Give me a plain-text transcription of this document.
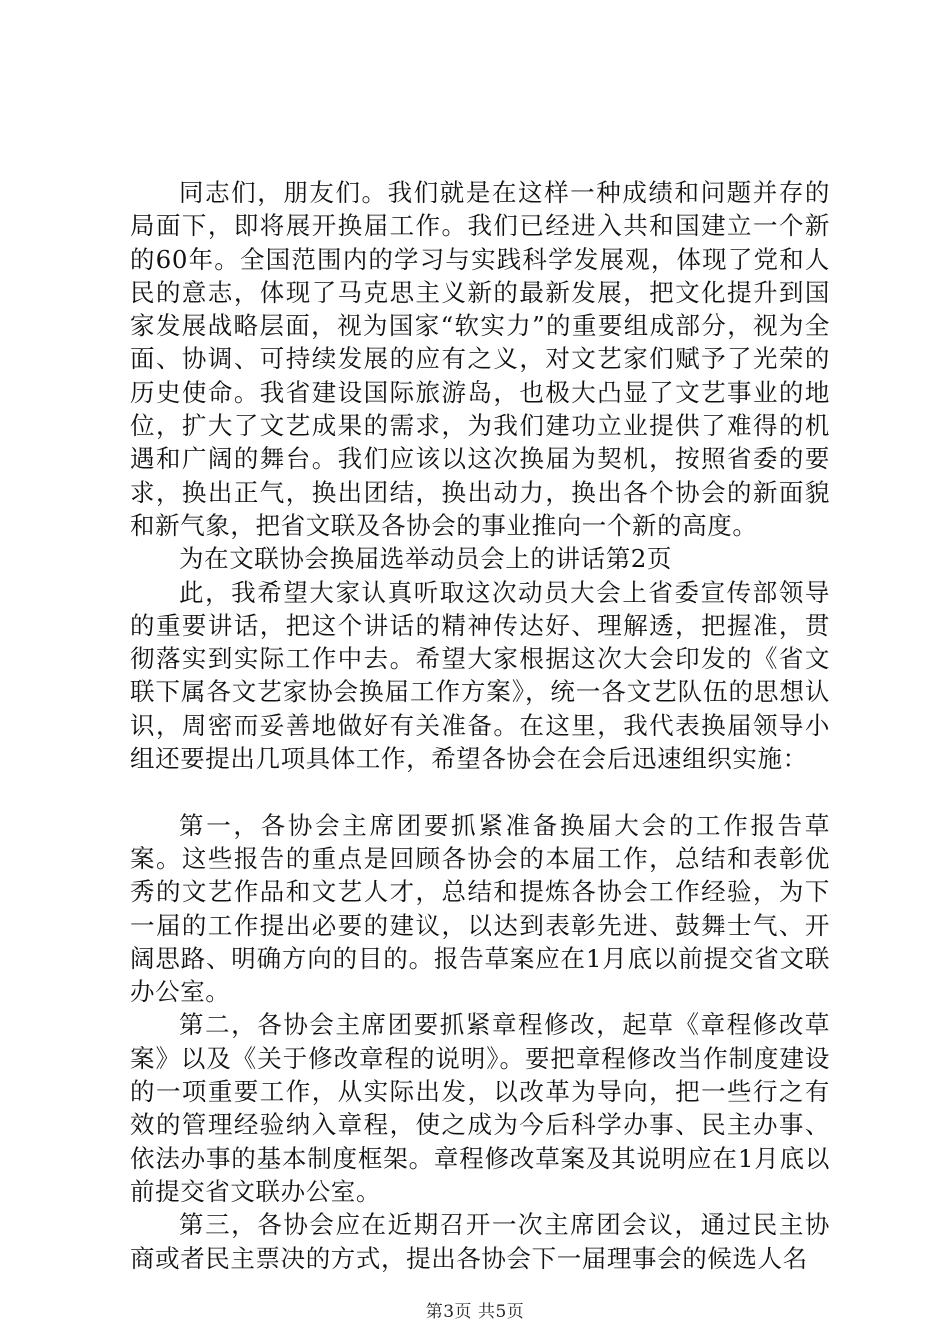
同志们，朋友们。我们就是在这样一种成绩和问题并存的局面下，即将展开换届工作。我们已经进入共和国建立一个新的60年。全国范围内的学习与实践科学发展观，体现了党和人民的意志，体现了马克思主义新的最新发展，把文化提升到国家发展战略层面，视为国家“软实力”的重要组成部分，视为全面、协调、可持续发展的应有之义，对文艺家们赋予了光荣的历史使命。我省建设国际旅游岛，也极大凸显了文艺事业的地位，扩大了文艺成果的需求，为我们建功立业提供了难得的机遇和广阔的舞台。我们应该以这次换届为契机，按照省委的要求，换出正气，换出团结，换出动力，换出各个协会的新面貌和新气象，把省文联及各协会的事业推向一个新的高度。

为在文联协会换届选举动员会上的讲话第2页

此，我希望大家认真听取这次动员大会上省委宣传部领导的重要讲话，把这个讲话的精神传达好、理解透，把握准，贯彻落实到实际工作中去。希望大家根据这次大会印发的《省文联下属各文艺家协会换届工作方案》，统一各文艺队伍的思想认识，周密而妥善地做好有关准备。在这里，我代表换届领导小组还要提出几项具体工作，希望各协会在会后迅速组织实施：

第一，各协会主席团要抓紧准备换届大会的工作报告草案。这些报告的重点是回顾各协会的本届工作，总结和表彰优秀的文艺作品和文艺人才，总结和提炼各协会工作经验，为下一届的工作提出必要的建议，以达到表彰先进、鼓舞士气、开阔思路、明确方向的目的。报告草案应在1月底以前提交省文联办公室。

第二，各协会主席团要抓紧章程修改，起草《章程修改草案》以及《关于修改章程的说明》。要把章程修改当作制度建设的一项重要工作，从实际出发，以改革为导向，把一些行之有效的管理经验纳入章程，使之成为今后科学办事、民主办事、依法办事的基本制度框架。章程修改草案及其说明应在1月底以前提交省文联办公室。

第三，各协会应在近期召开一次主席团会议，通过民主协商或者民主票决的方式，提出各协会下一届理事会的候选人名

第3页 共5页
